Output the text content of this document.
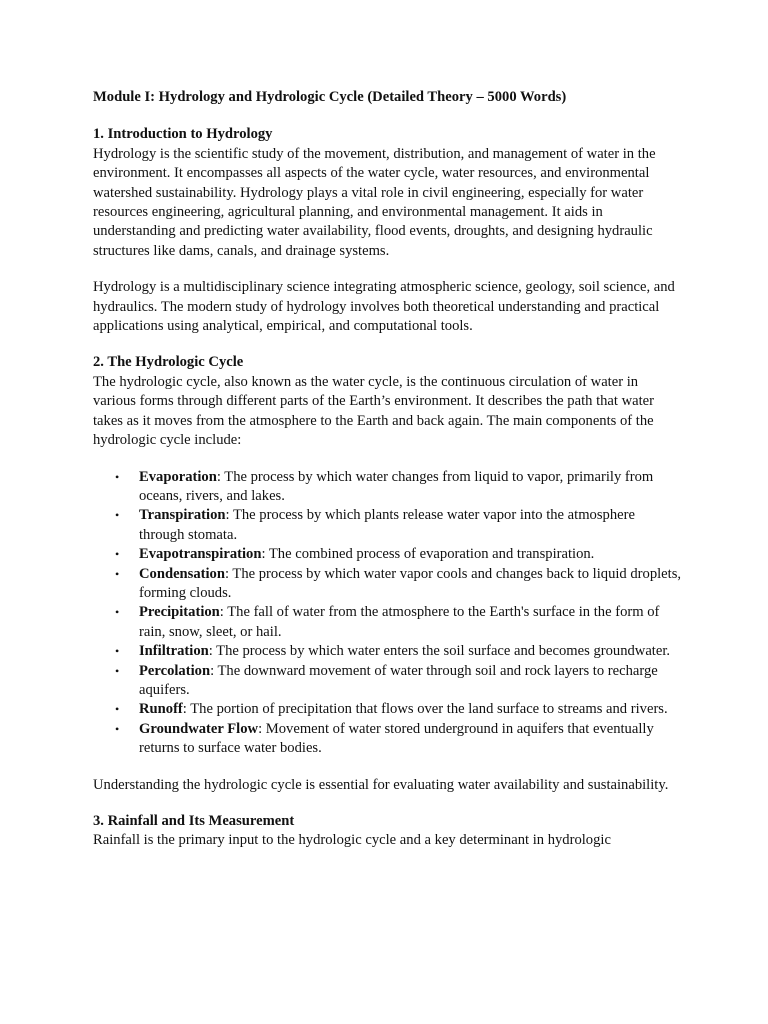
Module I: Hydrology and Hydrologic Cycle (Detailed Theory – 5000 Words)
1. Introduction to Hydrology

Hydrology is the scientific study of the movement, distribution, and management of water in the environment. It encompasses all aspects of the water cycle, water resources, and environmental watershed sustainability. Hydrology plays a vital role in civil engineering, especially for water resources engineering, agricultural planning, and environmental management. It aids in understanding and predicting water availability, flood events, droughts, and designing hydraulic structures like dams, canals, and drainage systems.

Hydrology is a multidisciplinary science integrating atmospheric science, geology, soil science, and hydraulics. The modern study of hydrology involves both theoretical understanding and practical applications using analytical, empirical, and computational tools.

2. The Hydrologic Cycle

The hydrologic cycle, also known as the water cycle, is the continuous circulation of water in various forms through different parts of the Earth’s environment. It describes the path that water takes as it moves from the atmosphere to the Earth and back again. The main components of the hydrologic cycle include:

• Evaporation: The process by which water changes from liquid to vapor, primarily from oceans, rivers, and lakes.
• Transpiration: The process by which plants release water vapor into the atmosphere through stomata.
• Evapotranspiration: The combined process of evaporation and transpiration.
• Condensation: The process by which water vapor cools and changes back to liquid droplets, forming clouds.
• Precipitation: The fall of water from the atmosphere to the Earth's surface in the form of rain, snow, sleet, or hail.
• Infiltration: The process by which water enters the soil surface and becomes groundwater.
• Percolation: The downward movement of water through soil and rock layers to recharge aquifers.
• Runoff: The portion of precipitation that flows over the land surface to streams and rivers.
• Groundwater Flow: Movement of water stored underground in aquifers that eventually returns to surface water bodies.

Understanding the hydrologic cycle is essential for evaluating water availability and sustainability.

3. Rainfall and Its Measurement

Rainfall is the primary input to the hydrologic cycle and a key determinant in hydrologic
